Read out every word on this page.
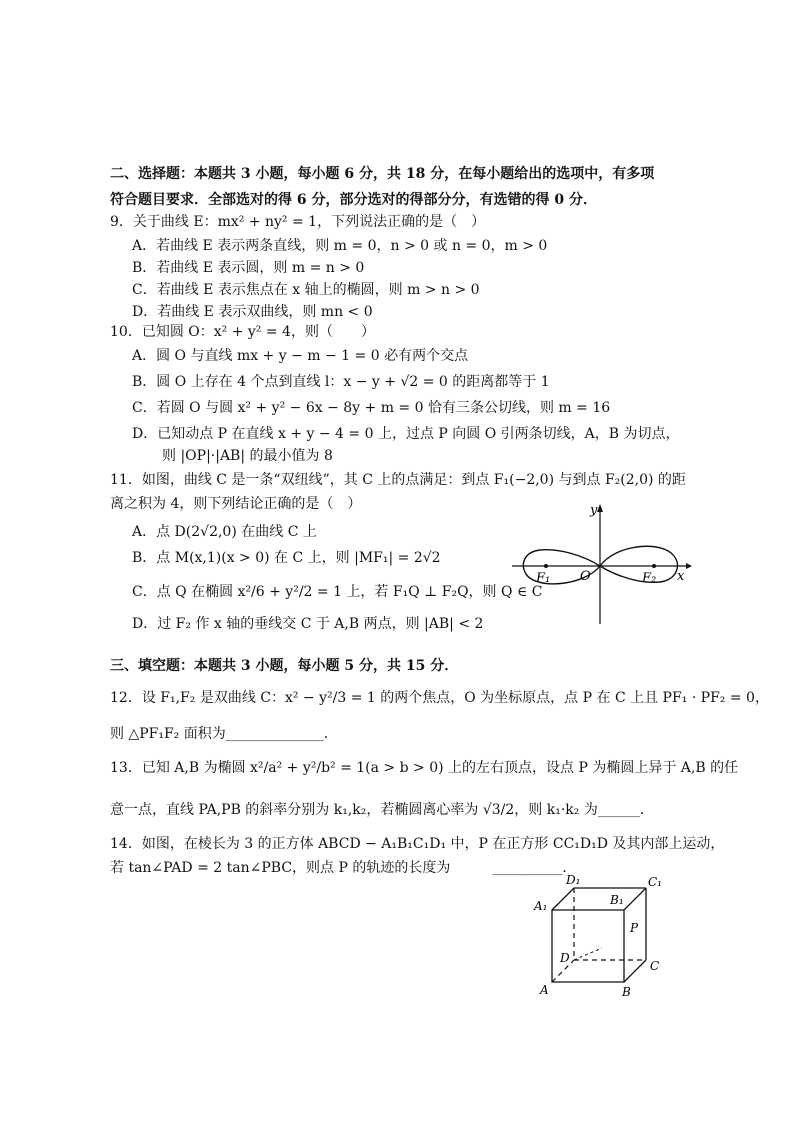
二、选择题：本题共 3 小题，每小题 6 分，共 18 分，在每小题给出的选项中，有多项
符合题目要求．全部选对的得 6 分，部分选对的得部分分，有选错的得 0 分．
9．关于曲线 E：mx² + ny² = 1，下列说法正确的是（　）
A．若曲线 E 表示两条直线，则 m = 0，n > 0 或 n = 0，m > 0
B．若曲线 E 表示圆，则 m = n > 0
C．若曲线 E 表示焦点在 x 轴上的椭圆，则 m > n > 0
D．若曲线 E 表示双曲线，则 mn < 0
10．已知圆 O：x² + y² = 4，则（　　）
A．圆 O 与直线 mx + y − m − 1 = 0 必有两个交点
B．圆 O 上存在 4 个点到直线 l：x − y + √2 = 0 的距离都等于 1
C．若圆 O 与圆 x² + y² − 6x − 8y + m = 0 恰有三条公切线，则 m = 16
D．已知动点 P 在直线 x + y − 4 = 0 上，过点 P 向圆 O 引两条切线，A，B 为切点，
则 |OP|·|AB| 的最小值为 8
11．如图，曲线 C 是一条“双纽线”，其 C 上的点满足：到点 F₁(−2,0) 与到点 F₂(2,0) 的距
离之积为 4，则下列结论正确的是（　）
A．点 D(2√2,0) 在曲线 C 上
B．点 M(x,1)(x > 0) 在 C 上，则 |MF₁| = 2√2
C．点 Q 在椭圆 x²/6 + y²/2 = 1 上，若 F₁Q ⊥ F₂Q，则 Q ∈ C
D．过 F₂ 作 x 轴的垂线交 C 于 A,B 两点，则 |AB| < 2
y
x
O
F₁	F₂
三、填空题：本题共 3 小题，每小题 5 分，共 15 分．
12．设 F₁,F₂ 是双曲线 C：x² − y²/3 = 1 的两个焦点，O 为坐标原点，点 P 在 C 上且 PF₁ · PF₂ = 0，
则 △PF₁F₂ 面积为______________．
13．已知 A,B 为椭圆 x²/a² + y²/b² = 1(a > b > 0) 上的左右顶点，设点 P 为椭圆上异于 A,B 的任
意一点，直线 PA,PB 的斜率分别为 k₁,k₂，若椭圆离心率为 √3/2，则 k₁·k₂ 为______．
14．如图，在棱长为 3 的正方体 ABCD − A₁B₁C₁D₁ 中，P 在正方形 CC₁D₁D 及其内部上运动，
若 tan∠PAD = 2 tan∠PBC，则点 P 的轨迹的长度为　　　__________．
A	B
C
D
A₁	B₁
C₁
D₁
P
